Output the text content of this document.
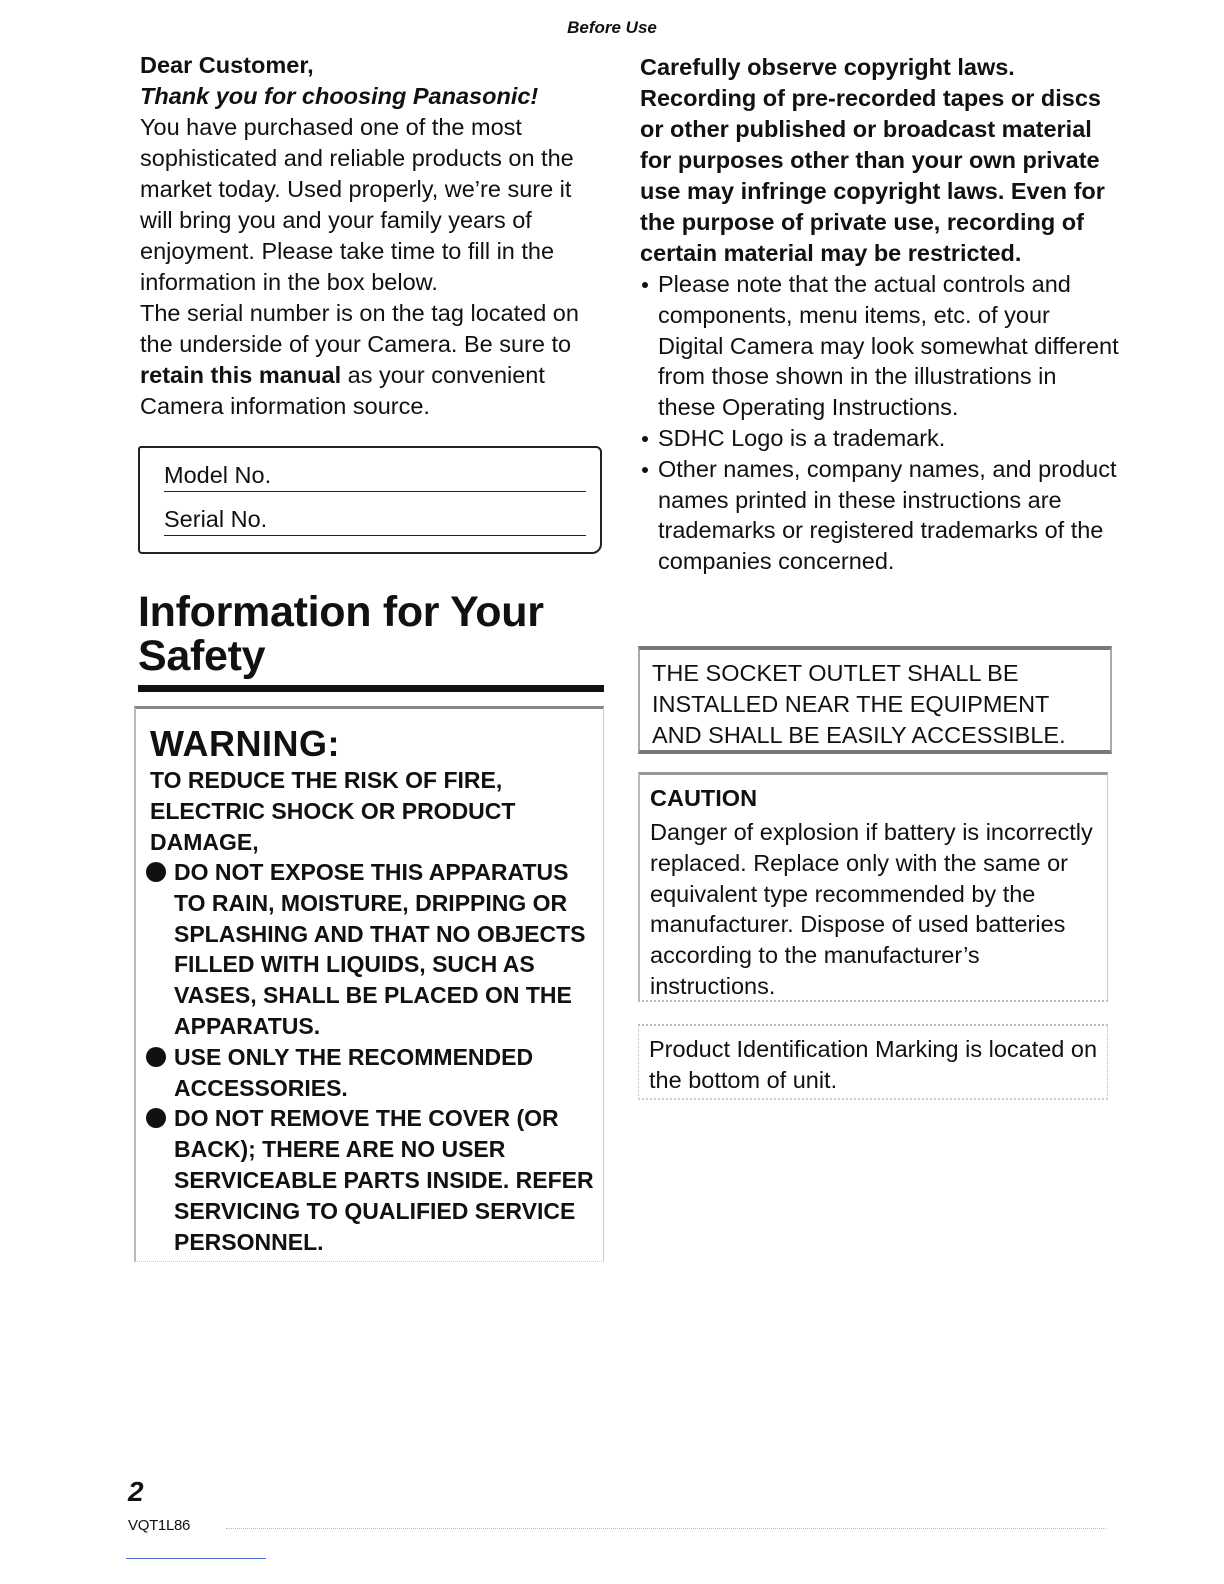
Before Use

Dear Customer,

Thank you for choosing Panasonic!

You have purchased one of the most sophisticated and reliable products on the market today. Used properly, we’re sure it will bring you and your family years of enjoyment. Please take time to fill in the information in the box below.

The serial number is on the tag located on the underside of your Camera. Be sure to retain this manual as your convenient Camera information source.

Model No.
Serial No.
Information for Your
Safety
WARNING:

TO REDUCE THE RISK OF FIRE, ELECTRIC SHOCK OR PRODUCT DAMAGE,

DO NOT EXPOSE THIS APPARATUS TO RAIN, MOISTURE, DRIPPING OR SPLASHING AND THAT NO OBJECTS FILLED WITH LIQUIDS, SUCH AS VASES, SHALL BE PLACED ON THE APPARATUS.
USE ONLY THE RECOMMENDED ACCESSORIES.
DO NOT REMOVE THE COVER (OR BACK); THERE ARE NO USER SERVICEABLE PARTS INSIDE. REFER SERVICING TO QUALIFIED SERVICE PERSONNEL.

Carefully observe copyright laws. Recording of pre-recorded tapes or discs or other published or broadcast material for purposes other than your own private use may infringe copyright laws. Even for the purpose of private use, recording of certain material may be restricted.

Please note that the actual controls and components, menu items, etc. of your Digital Camera may look somewhat different from those shown in the illustrations in these Operating Instructions.
SDHC Logo is a trademark.
Other names, company names, and product names printed in these instructions are trademarks or registered trademarks of the companies concerned.
THE SOCKET OUTLET SHALL BE
INSTALLED NEAR THE EQUIPMENT
AND SHALL BE EASILY ACCESSIBLE.
CAUTION

Danger of explosion if battery is incorrectly replaced. Replace only with the same or equivalent type recommended by the manufacturer. Dispose of used batteries according to the manufacturer’s instructions.

Product Identification Marking is located on the bottom of unit.

2
VQT1L86
